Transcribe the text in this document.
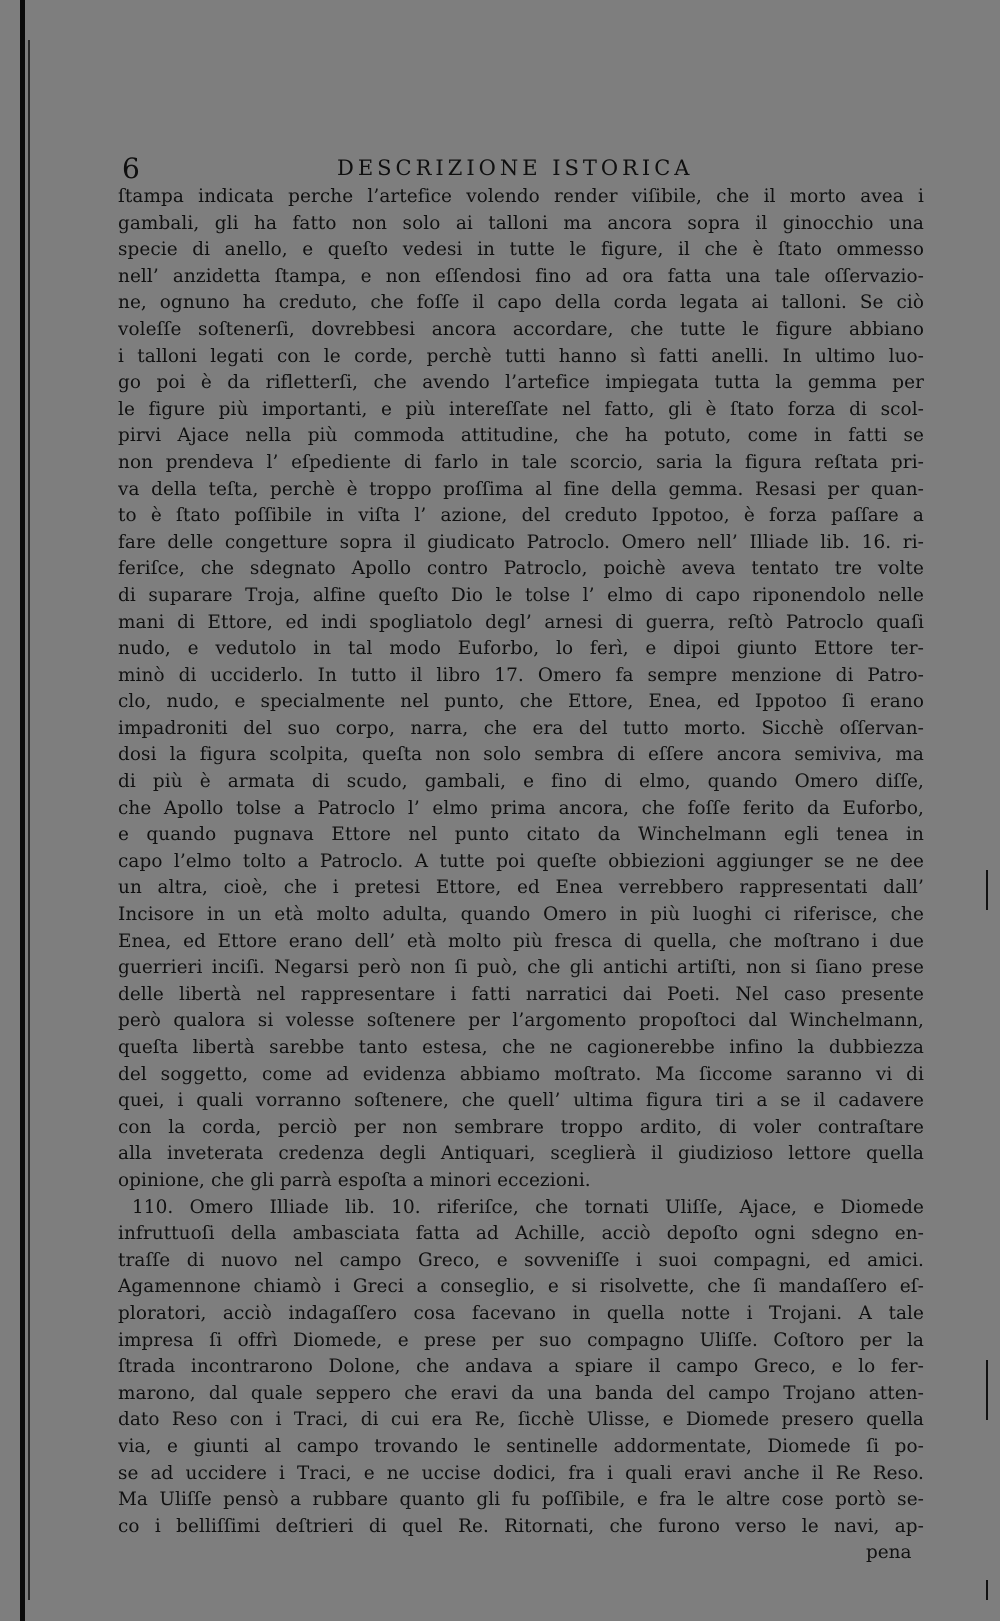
6	DESCRIZIONE ISTORICA
ſtampa indicata perche l’artefice volendo render viſibile, che il morto avea i
gambali, gli ha fatto non solo ai talloni ma ancora sopra il ginocchio una
specie di anello, e queſto vedesi in tutte le figure, il che è ſtato ommesso
nell’ anzidetta ſtampa, e non eſſendosi fino ad ora fatta una tale oſſervazio-
ne, ognuno ha creduto, che foſſe il capo della corda legata ai talloni. Se ciò
voleſſe soſtenerſi, dovrebbesi ancora accordare, che tutte le figure abbiano
i talloni legati con le corde, perchè tutti hanno sì fatti anelli. In ultimo luo-
go poi è da rifletterſi, che avendo l’artefice impiegata tutta la gemma per
le figure più importanti, e più intereſſate nel fatto, gli è ſtato forza di scol-
pirvi Ajace nella più commoda attitudine, che ha potuto, come in fatti se
non prendeva l’ eſpediente di farlo in tale scorcio, saria la figura reſtata pri-
va della teſta, perchè è troppo proſſima al fine della gemma. Resasi per quan-
to è ſtato poſſibile in viſta l’ azione, del creduto Ippotoo, è forza paſſare a
fare delle congetture sopra il giudicato Patroclo. Omero nell’ Illiade lib. 16. ri-
feriſce, che sdegnato Apollo contro Patroclo, poichè aveva tentato tre volte
di suparare Troja, alfine queſto Dio le tolse l’ elmo di capo riponendolo nelle
mani di Ettore, ed indi spogliatolo degl’ arnesi di guerra, reſtò Patroclo quaſi
nudo, e vedutolo in tal modo Euforbo, lo ferì, e dipoi giunto Ettore ter-
minò di ucciderlo. In tutto il libro 17. Omero fa sempre menzione di Patro-
clo, nudo, e specialmente nel punto, che Ettore, Enea, ed Ippotoo ſi erano
impadroniti del suo corpo, narra, che era del tutto morto. Sicchè oſſervan-
dosi la figura scolpita, queſta non solo sembra di eſſere ancora semiviva, ma
di più è armata di scudo, gambali, e fino di elmo, quando Omero diſſe,
che Apollo tolse a Patroclo l’ elmo prima ancora, che foſſe ferito da Euforbo,
e quando pugnava Ettore nel punto citato da Winchelmann egli tenea in
capo l’elmo tolto a Patroclo. A tutte poi queſte obbiezioni aggiunger se ne dee
un altra, cioè, che i pretesi Ettore, ed Enea verrebbero rappresentati dall’
Incisore in un età molto adulta, quando Omero in più luoghi ci riferisce, che
Enea, ed Ettore erano dell’ età molto più fresca di quella, che moſtrano i due
guerrieri inciſi. Negarsi però non ſi può, che gli antichi artiſti, non si ſiano prese
delle libertà nel rappresentare i fatti narratici dai Poeti. Nel caso presente
però qualora si volesse soſtenere per l’argomento propoſtoci dal Winchelmann,
queſta libertà sarebbe tanto estesa, che ne cagionerebbe infino la dubbiezza
del soggetto, come ad evidenza abbiamo moſtrato. Ma ſiccome saranno vi di
quei, i quali vorranno soſtenere, che quell’ ultima figura tiri a se il cadavere
con la corda, perciò per non sembrare troppo ardito, di voler contraſtare
alla inveterata credenza degli Antiquari, sceglierà il giudizioso lettore quella
opinione, che gli parrà espoſta a minori eccezioni.
110. Omero Illiade lib. 10. riferiſce, che tornati Uliſſe, Ajace, e Diomede
infruttuoſi della ambasciata fatta ad Achille, acciò depoſto ogni sdegno en-
traſſe di nuovo nel campo Greco, e sovveniſſe i suoi compagni, ed amici.
Agamennone chiamò i Greci a conseglio, e si risolvette, che ſi mandaſſero eſ-
ploratori, acciò indagaſſero cosa facevano in quella notte i Trojani. A tale
impresa ſi offrì Diomede, e prese per suo compagno Uliſſe. Coſtoro per la
ſtrada incontrarono Dolone, che andava a spiare il campo Greco, e lo fer-
marono, dal quale seppero che eravi da una banda del campo Trojano atten-
dato Reso con i Traci, di cui era Re, ſicchè Ulisse, e Diomede presero quella
via, e giunti al campo trovando le sentinelle addormentate, Diomede ſi po-
se ad uccidere i Traci, e ne uccise dodici, fra i quali eravi anche il Re Reso.
Ma Uliſſe pensò a rubbare quanto gli fu poſſibile, e fra le altre cose portò se-
co i belliſſimi deſtrieri di quel Re. Ritornati, che furono verso le navi, ap-
pena
